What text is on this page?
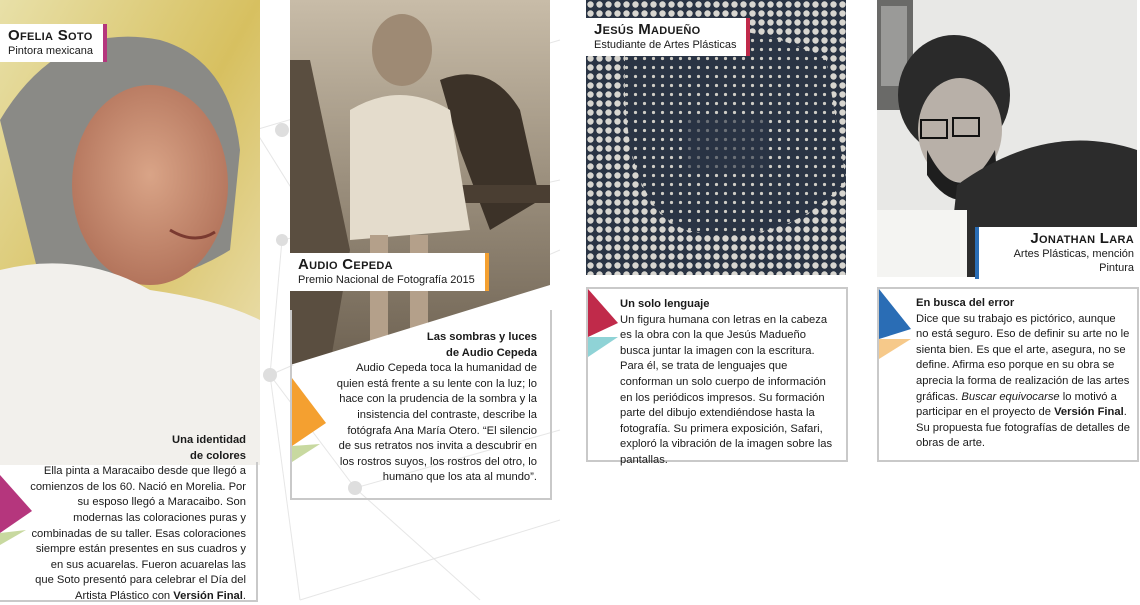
Ofelia Soto
Pintora mexicana
Una identidad
de colores
Ella pinta a Maracaibo desde que llegó a comienzos de los 60. Nació en Morelia. Por su esposo llegó a Maracaibo. Son modernas las coloraciones puras y combinadas de su taller. Esas coloraciones siempre están presentes en sus cuadros y en sus acuarelas. Fueron acuarelas las que Soto presentó para celebrar el Día del Artista Plástico con Versión Final.
Audio Cepeda
Premio Nacional de Fotografía 2015
Las sombras y luces
de Audio Cepeda
Audio Cepeda toca la humanidad de quien está frente a su lente con la luz; lo hace con la prudencia de la sombra y la insistencia del contraste, describe la fotógrafa Ana María Otero. “El silencio de sus retratos nos invita a descubrir en los rostros suyos, los rostros del otro, lo humano que los ata al mundo”.
Jesús Madueño
Estudiante de Artes Plásticas
Un solo lenguaje
Un figura humana con letras en la cabeza es la obra con la que Jesús Madueño busca juntar la imagen con la escritura. Para él, se trata de lenguajes que conforman un solo cuerpo de información en los periódicos impresos. Su formación parte del dibujo extendiéndose hasta la fotografía. Su primera exposición, Safari, exploró la vibración de la imagen sobre las pantallas.
Jonathan Lara
Artes Plásticas, mención Pintura
En busca del error
Dice que su trabajo es pictórico, aunque no está seguro. Eso de definir su arte no le sienta bien. Es que el arte, asegura, no se define. Afirma eso porque en su obra se aprecia la forma de realización de las artes gráficas. Buscar equivocarse lo motivó a participar en el proyecto de Versión Final. Su propuesta fue fotografías de detalles de obras de arte.
